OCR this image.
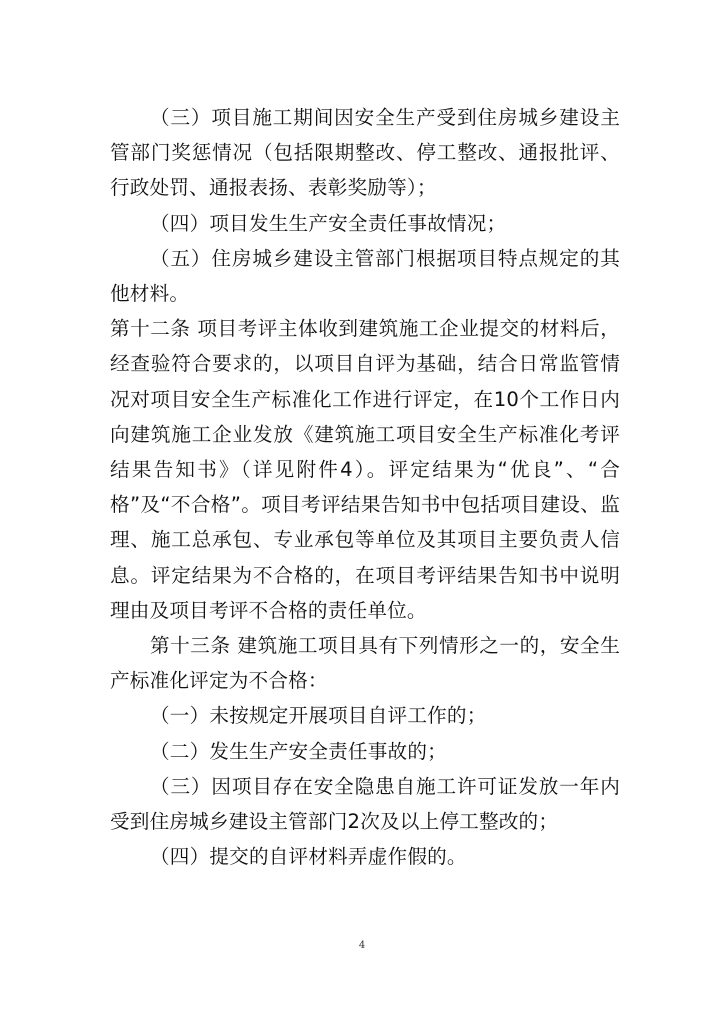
（三）项目施工期间因安全生产受到住房城乡建设主管部门奖惩情况（包括限期整改、停工整改、通报批评、行政处罚、通报表扬、表彰奖励等）；

（四）项目发生生产安全责任事故情况；

（五）住房城乡建设主管部门根据项目特点规定的其他材料。

第十二条 项目考评主体收到建筑施工企业提交的材料后，经查验符合要求的，以项目自评为基础，结合日常监管情况对项目安全生产标准化工作进行评定，在10个工作日内向建筑施工企业发放《建筑施工项目安全生产标准化考评结果告知书》（详见附件4）。评定结果为“优良”、“合格”及“不合格”。项目考评结果告知书中包括项目建设、监理、施工总承包、专业承包等单位及其项目主要负责人信息。评定结果为不合格的，在项目考评结果告知书中说明理由及项目考评不合格的责任单位。

第十三条 建筑施工项目具有下列情形之一的，安全生产标准化评定为不合格：

（一）未按规定开展项目自评工作的；

（二）发生生产安全责任事故的；

（三）因项目存在安全隐患自施工许可证发放一年内受到住房城乡建设主管部门2次及以上停工整改的；

（四）提交的自评材料弄虚作假的。

4
